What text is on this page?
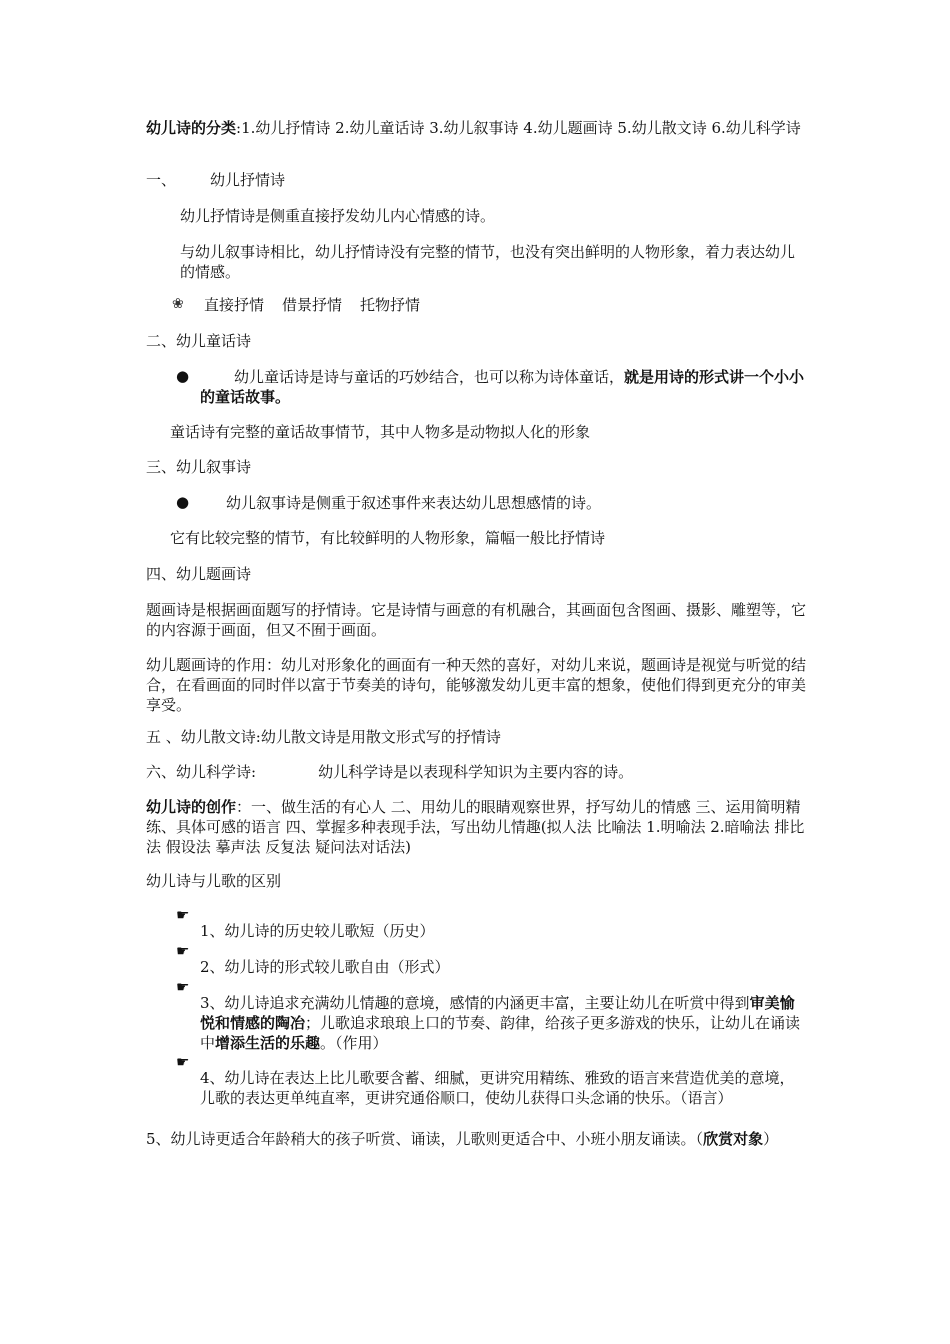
幼儿诗的分类:1.幼儿抒情诗 2.幼儿童话诗 3.幼儿叙事诗 4.幼儿题画诗 5.幼儿散文诗 6.幼儿科学诗

一、 幼儿抒情诗

幼儿抒情诗是侧重直接抒发幼儿内心情感的诗。

与幼儿叙事诗相比，幼儿抒情诗没有完整的情节，也没有突出鲜明的人物形象，着力表达幼儿的情感。

❀ 直接抒情 借景抒情 托物抒情

二、幼儿童话诗

●	幼儿童话诗是诗与童话的巧妙结合，也可以称为诗体童话，就是用诗的形式讲一个小小的童话故事。

童话诗有完整的童话故事情节，其中人物多是动物拟人化的形象

三、幼儿叙事诗

● 幼儿叙事诗是侧重于叙述事件来表达幼儿思想感情的诗。

它有比较完整的情节，有比较鲜明的人物形象，篇幅一般比抒情诗

四、幼儿题画诗

题画诗是根据画面题写的抒情诗。它是诗情与画意的有机融合，其画面包含图画、摄影、雕塑等，它的内容源于画面，但又不囿于画面。

幼儿题画诗的作用：幼儿对形象化的画面有一种天然的喜好，对幼儿来说，题画诗是视觉与听觉的结合，在看画面的同时伴以富于节奏美的诗句，能够激发幼儿更丰富的想象，使他们得到更充分的审美享受。

五 、幼儿散文诗:幼儿散文诗是用散文形式写的抒情诗

六、幼儿科学诗:	幼儿科学诗是以表现科学知识为主要内容的诗。

幼儿诗的创作：一、做生活的有心人 二、用幼儿的眼睛观察世界，抒写幼儿的情感 三、运用简明精练、具体可感的语言 四、掌握多种表现手法，写出幼儿情趣(拟人法 比喻法 1.明喻法 2.暗喻法 排比法 假设法 摹声法 反复法 疑问法对话法)

幼儿诗与儿歌的区别

☛

1、幼儿诗的历史较儿歌短（历史）

☛

2、幼儿诗的形式较儿歌自由（形式）

☛

3、幼儿诗追求充满幼儿情趣的意境，感情的内涵更丰富，主要让幼儿在听赏中得到审美愉悦和情感的陶冶；儿歌追求琅琅上口的节奏、韵律，给孩子更多游戏的快乐，让幼儿在诵读中增添生活的乐趣。（作用）

☛

4、幼儿诗在表达上比儿歌要含蓄、细腻，更讲究用精练、雅致的语言来营造优美的意境，儿歌的表达更单纯直率，更讲究通俗顺口，使幼儿获得口头念诵的快乐。（语言）

5、幼儿诗更适合年龄稍大的孩子听赏、诵读，儿歌则更适合中、小班小朋友诵读。（欣赏对象）
